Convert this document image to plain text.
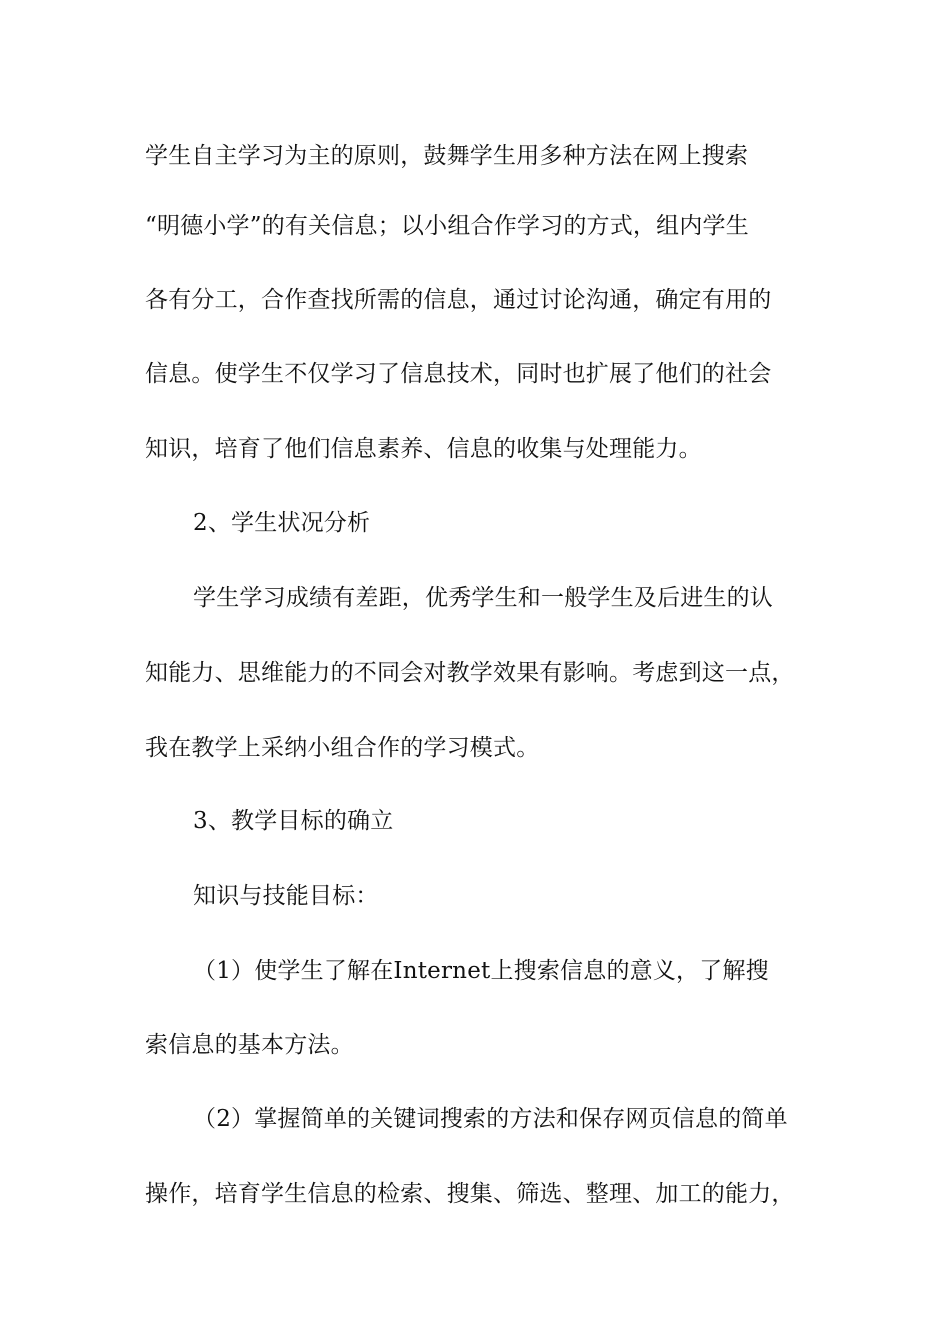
学生自主学习为主的原则，鼓舞学生用多种方法在网上搜索
“明德小学”的有关信息；以小组合作学习的方式，组内学生
各有分工，合作查找所需的信息，通过讨论沟通，确定有用的
信息。使学生不仅学习了信息技术，同时也扩展了他们的社会
知识，培育了他们信息素养、信息的收集与处理能力。
2、学生状况分析
学生学习成绩有差距，优秀学生和一般学生及后进生的认
知能力、思维能力的不同会对教学效果有影响。考虑到这一点，
我在教学上采纳小组合作的学习模式。
3、教学目标的确立
知识与技能目标：
（1）使学生了解在Internet上搜索信息的意义，了解搜
索信息的基本方法。
（2）掌握简单的关键词搜索的方法和保存网页信息的简单
操作，培育学生信息的检索、搜集、筛选、整理、加工的能力，
